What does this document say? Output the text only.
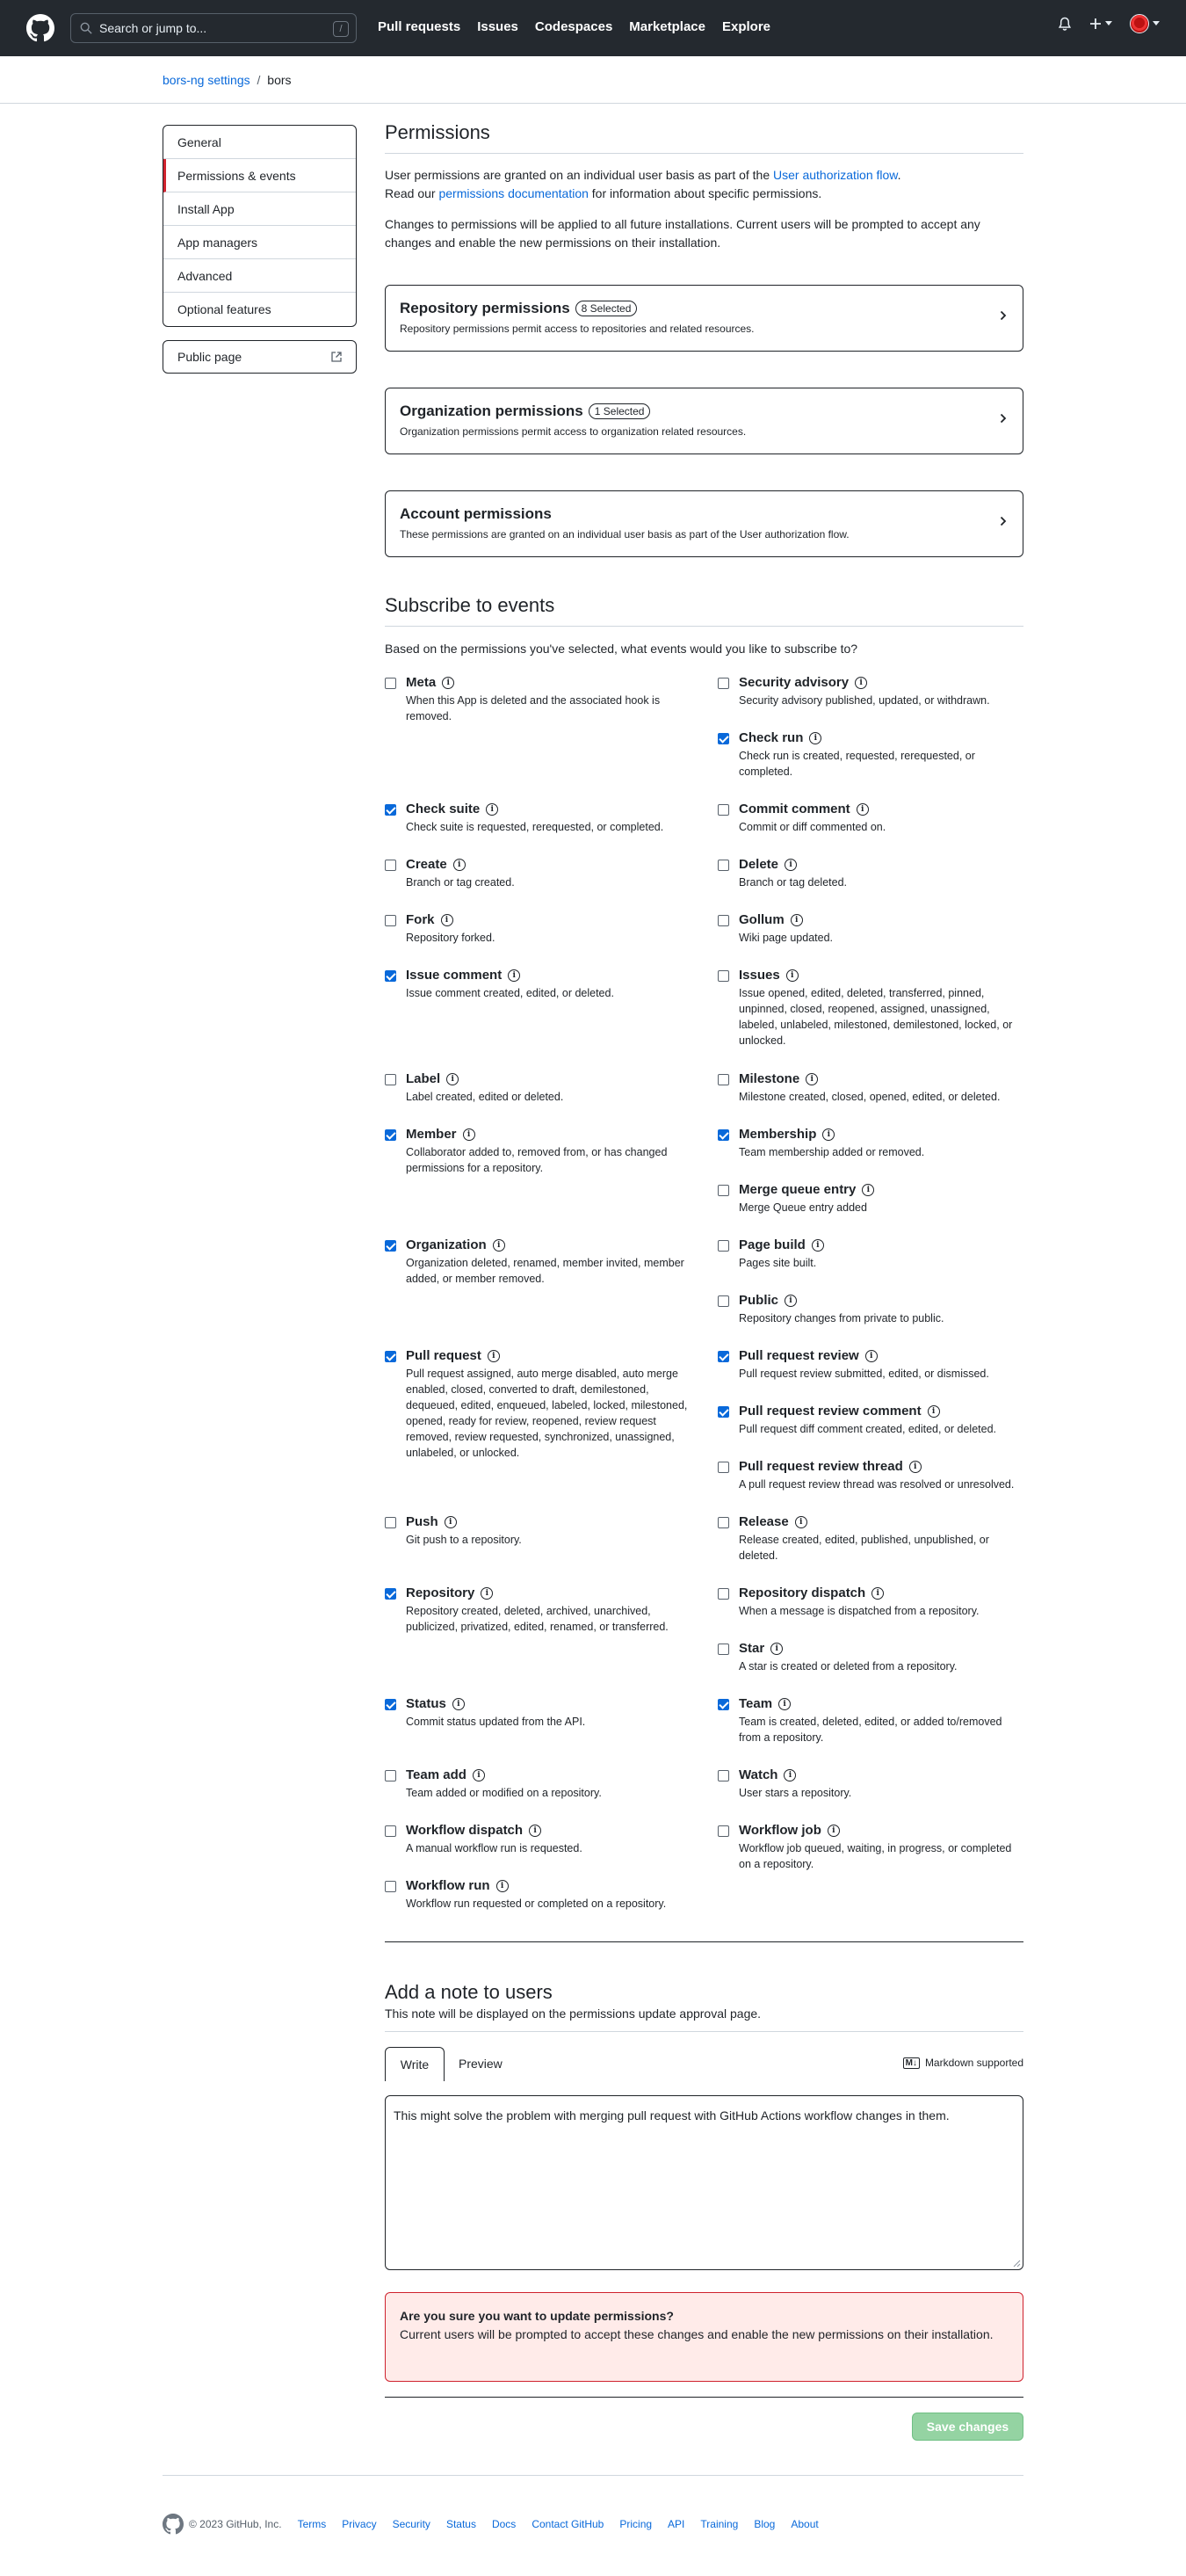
Search or jump to...	/	Pull requests Issues Codespaces Marketplace Explore
bors-ng settings / bors
General
Permissions & events
Install App
App managers
Advanced
Optional features
Public page
Permissions

User permissions are granted on an individual user basis as part of the User authorization flow.
Read our permissions documentation for information about specific permissions.

Changes to permissions will be applied to all future installations. Current users will be prompted to accept any changes and enable the new permissions on their installation.

Repository permissions	8 Selected
Repository permissions permit access to repositories and related resources.
Organization permissions	1 Selected
Organization permissions permit access to organization related resources.
Account permissions
These permissions are granted on an individual user basis as part of the User authorization flow.
Subscribe to events
Based on the permissions you've selected, what events would you like to subscribe to?
Meta	i
When this App is deleted and the associated hook is removed.
Check suite	i
Check suite is requested, rerequested, or completed.
Create	i
Branch or tag created.
Fork	i
Repository forked.
Issue comment	i
Issue comment created, edited, or deleted.
Label	i
Label created, edited or deleted.
Member	i
Collaborator added to, removed from, or has changed permissions for a repository.
Organization	i
Organization deleted, renamed, member invited, member added, or member removed.
Pull request	i
Pull request assigned, auto merge disabled, auto merge enabled, closed, converted to draft, demilestoned, dequeued, edited, enqueued, labeled, locked, milestoned, opened, ready for review, reopened, review request removed, review requested, synchronized, unassigned, unlabeled, or unlocked.
Push	i
Git push to a repository.
Repository	i
Repository created, deleted, archived, unarchived, publicized, privatized, edited, renamed, or transferred.
Status	i
Commit status updated from the API.
Team add	i
Team added or modified on a repository.
Workflow dispatch	i
A manual workflow run is requested.
Workflow run	i
Workflow run requested or completed on a repository.
Security advisory	i
Security advisory published, updated, or withdrawn.
Check run	i
Check run is created, requested, rerequested, or completed.
Commit comment	i
Commit or diff commented on.
Delete	i
Branch or tag deleted.
Gollum	i
Wiki page updated.
Issues	i
Issue opened, edited, deleted, transferred, pinned, unpinned, closed, reopened, assigned, unassigned, labeled, unlabeled, milestoned, demilestoned, locked, or unlocked.
Milestone	i
Milestone created, closed, opened, edited, or deleted.
Membership	i
Team membership added or removed.
Merge queue entry	i
Merge Queue entry added
Page build	i
Pages site built.
Public	i
Repository changes from private to public.
Pull request review	i
Pull request review submitted, edited, or dismissed.
Pull request review comment	i
Pull request diff comment created, edited, or deleted.
Pull request review thread	i
A pull request review thread was resolved or unresolved.
Release	i
Release created, edited, published, unpublished, or deleted.
Repository dispatch	i
When a message is dispatched from a repository.
Star	i
A star is created or deleted from a repository.
Team	i
Team is created, deleted, edited, or added to/removed from a repository.
Watch	i
User stars a repository.
Workflow job	i
Workflow job queued, waiting, in progress, or completed on a repository.
Add a note to users
This note will be displayed on the permissions update approval page.
Write	Preview	M↓ Markdown supported
This might solve the problem with merging pull request with GitHub Actions workflow changes in them.
Are you sure you want to update permissions?
Current users will be prompted to accept these changes and enable the new permissions on their installation.
Save changes
© 2023 GitHub, Inc. Terms Privacy Security Status Docs Contact GitHub Pricing API Training Blog About
